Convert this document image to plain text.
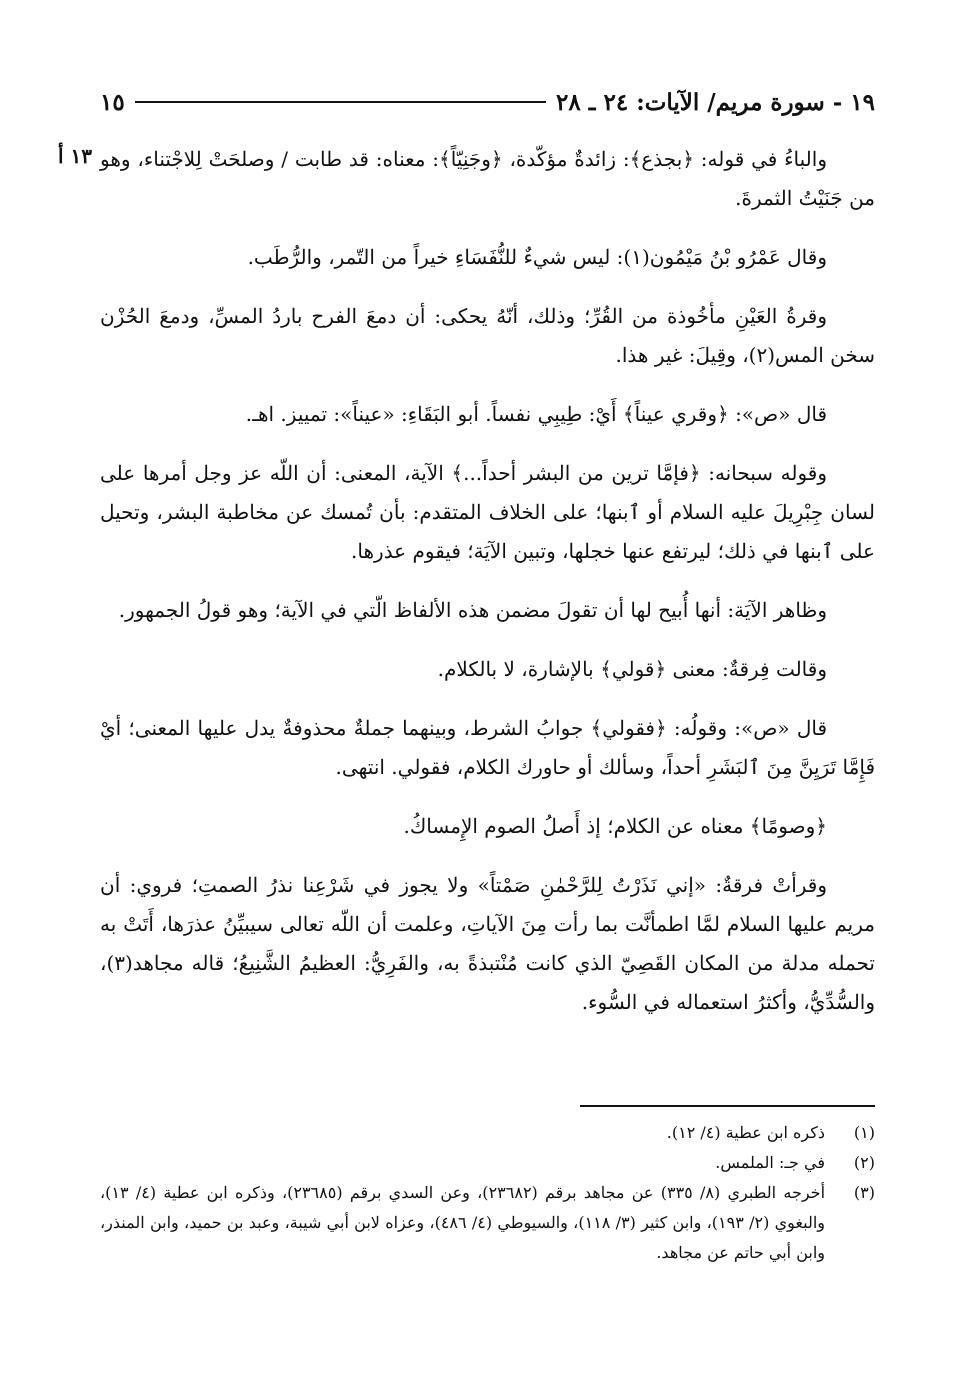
١٩ - سورة مريم/ الآيات: ٢٤ ـ ٢٨
١٥
١٣ أ والباءُ في قوله: ﴿بجذع﴾: زائدةٌ مؤكّدة، ﴿وجَنِيّاً﴾: معناه: قد طابت / وصلحَتْ لِلاجْتناء، وهو من جَنَيْتُ الثمرةَ.

وقال عَمْرُو بْنُ مَيْمُون(١): ليس شيءٌ للنُّفَسَاءِ خيراً من التّمر، والرُّطَب.

وقرةُ العَيْنِ مأخُوذة من القُرِّ؛ وذلك، أنّهُ يحكى: أن دمعَ الفرح باردُ المسِّ، ودمعَ الحُزْن سخن المس(٢)، وقِيلَ: غير هذا.

قال «ص»: ﴿وقري عيناً﴾ أَيْ: طِيبِي نفساً. أبو البَقَاءِ: «عيناً»: تمييز. اهـ.

وقوله سبحانه: ﴿فإمَّا ترين من البشر أحداً...﴾ الآية، المعنى: أن اللّه عز وجل أمرها على لسان جِبْرِيلَ عليه السلام أو ٱبنها؛ على الخلاف المتقدم: بأن تُمسك عن مخاطبة البشر، وتحيل على ٱبنها في ذلك؛ ليرتفع عنها خجلها، وتبين الآيَة؛ فيقوم عذرها.

وظاهر الآيَة: أنها أُبيح لها أن تقولَ مضمن هذه الألفاظ الّتي في الآية؛ وهو قولُ الجمهور.

وقالت فِرقةٌ: معنى ﴿قولي﴾ بالإشارة، لا بالكلام.

قال «ص»: وقولُه: ﴿فقولي﴾ جوابُ الشرط، وبينهما جملةٌ محذوفةٌ يدل عليها المعنى؛ أيْ فَإِمَّا تَرَيِنَّ مِنَ ٱلبَشَرِ أحداً، وسألك أو حاورك الكلام، فقولي. انتهى.

﴿وصومًا﴾ معناه عن الكلام؛ إذ أَصلُ الصوم الإِمساكُ.

وقرأتْ فرقةٌ: «إني نَذَرْتُ لِلرَّحْمٰنِ صَمْتاً» ولا يجوز في شَرْعِنا نذرُ الصمتِ؛ فروي: أن مريم عليها السلام لمَّا اطمأنَّت بما رأت مِنَ الآياتِ، وعلمت أن اللّه تعالى سيبيِّنُ عذرَها، أَتَتْ به تحمله مدلة من المكان القَصِيّ الذي كانت مُنْتبذةً به، والفَرِيُّ: العظيمُ الشَّنِيعُ؛ قاله مجاهد(٣)، والسُّدِّيُّ، وأكثرُ استعماله في السُّوء.

(١)
ذكره ابن عطية (٤/ ١٢).
(٢)
في جـ: الملمس.
(٣)
أخرجه الطبري (٨/ ٣٣٥) عن مجاهد برقم (٢٣٦٨٢)، وعن السدي برقم (٢٣٦٨٥)، وذكره ابن عطية (٤/ ١٣)، والبغوي (٢/ ١٩٣)، وابن كثير (٣/ ١١٨)، والسيوطي (٤/ ٤٨٦)، وعزاه لابن أبي شيبة، وعبد بن حميد، وابن المنذر، وابن أبي حاتم عن مجاهد.
